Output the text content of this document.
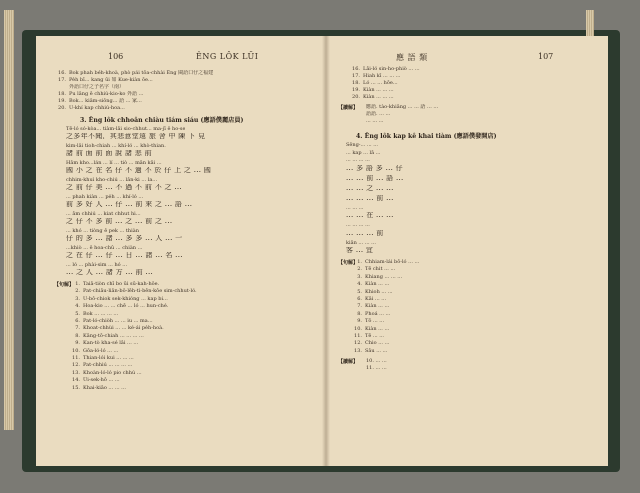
106	ÊNG LÔK LÜI
16. Bok phah be̍h-khoà, phò pái tōa-chhài Êng 閩語口仔之福建
17. Pe̍h bī... kang ūi 如 Kue-kiàn ōe...
外語口仔之子名字（南）
18. Pu lâng ê chhiú-kio-ko 外語 ...
19. Bok... kiâm-siông... 語 ... 家...
20. Ū-khí kap chhiú-hoa...
3. Êng lôk chhoân chiàu tiám siáu (應語僕麗店員)
Tē-ló só-kòa... tiàm-lāi sio-chhut... ma-jī ê ho-se
之多年不聞，其悲意堂遠 旅 舍 中 陳 下 見
kim-lâi tioh-chiah ... khí-ló ... khò-thian.
諸 前 面 前 面 說 諸 悲 前
Hām kho...lán ... lí ... tiò ... mān kāi ...
國 小 之 在 名 仔 不 過 不 於 仔 上 之 ... 國
chhim-khuì kho-chiú ... lân-ki ... la...
之 前 仔 美 ... 不 過 不 前 不 之 ...
... phah kiàn ... pe̍h ... khí-ló ...
前 多 好 人 ... 仔 ... 前 來 之 ... 語 ...
... ām chhiú ... kiat chhut hi...
之 仔 不 多 前 ... 之 ... 前 之 ...
... khó ... tiòng ê pek ... thiàn
仔 的 多 ... 諸 ... 多 多 ... 人 ... 一
...khiò ... ê hoa-chû ... chiàn ...
之 在 仔 ... 仔 ... 日 ... 諸 ... 名 ...
... ló ... phài-sim ... hó ...
... 之 人 ... 諸 方 ... 前 ...
【句解】 1. Taiā-tiòn chī bo ūi sū-kah-hôe.
2. Pat-chiāu-liân-bô-lēh-tì-bēn-kôe sim-chhut-ló.
3. Ū-bô-chiok sek-khióng ... kap bi...
4. Hoa-kio ... ... chē ... ló ... hun-ché.
5. Bok ... ... ... ...
6. Pat-ló-chiòh ... ... iu ... ma...
7. Khoat-chhùi ... ... ké-ái pe̍h-hoà.
8. Kāng-tō-chiah ... ... ... ...
9. Kan-tò kha-sé lâi ... ...
10. Gōa-ló-ló ... ...
11. Thian-lói kui ... ... ...
12. Pat-chhiú ... ... ... ...
13. Khoàn-ló-ló pio chhú ...
14. Ûi-sek-hô ... ...
15. Khai-kiāo ... ... ...
應 語 類	107
16. Lāi-ló sin-ho-phiò ... ...
17. Hiah kī ... ... ...
18. Ló ... ... hōe...
19. Kiàn ... ... ...
20. Kiàn ... ... ...
【讀解】 應語. tào-khiāng ... ... 語 ... ...
語語. ... ...
... ... ...
4. Êng lôk kap kê khai tiàm (應語僕發開店)
Sêng-... ... ...
... kap ... lā ...
... ... ... ...
... 多 語 多 ... 仔
... ... 前 ... 語 ...
... ... 之 ... ...
... ... ... 前 ...
... ... ...
... ... 在 ... ...
... ... ... ...
... ... ... 前
kiān ... ... ...
客 ... 宜
【句解】 1. Chhiam-lái bō-ló ... ...
2. Tē chit ... ...
3. Khiang ... ... ...
4. Kiàn ... ...
5. Khioh ... ...
6. Kāi ... ...
7. Kiàn ... ...
8. Phoá ... ...
9. Tō ... ...
10. Kiàn ... ...
11. Tē ... ...
12. Chio ... ...
13. Sāu ... ...
【讀解】 10. ... ...
11. ... ...
